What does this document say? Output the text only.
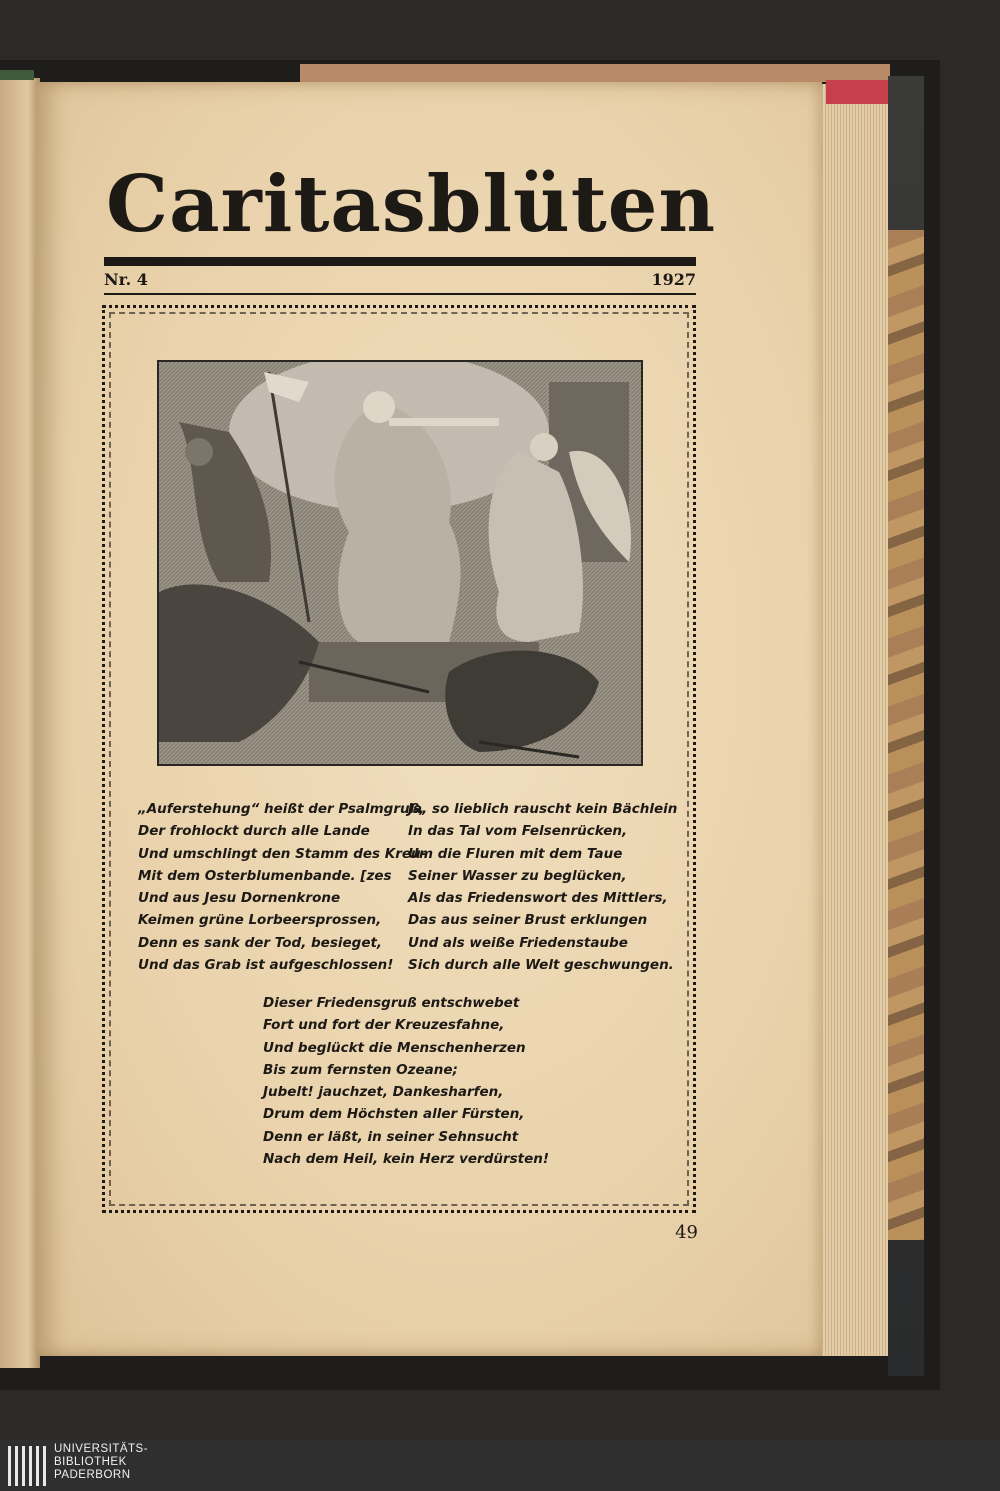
Caritasblüten
Nr. 4	1927
„Auferstehung“ heißt der Psalmgruß,
Der frohlockt durch alle Lande
Und umschlingt den Stamm des Kreu-
Mit dem Osterblumenbande. [zes
Und aus Jesu Dornenkrone
Keimen grüne Lorbeersprossen,
Denn es sank der Tod, besieget,
Und das Grab ist aufgeschlossen!
Ja, so lieblich rauscht kein Bächlein
In das Tal vom Felsenrücken,
Um die Fluren mit dem Taue
Seiner Wasser zu beglücken,
Als das Friedenswort des Mittlers,
Das aus seiner Brust erklungen
Und als weiße Friedenstaube
Sich durch alle Welt geschwungen.
Dieser Friedensgruß entschwebet
Fort und fort der Kreuzesfahne,
Und beglückt die Menschenherzen
Bis zum fernsten Ozeane;
Jubelt! jauchzet, Dankesharfen,
Drum dem Höchsten aller Fürsten,
Denn er läßt, in seiner Sehnsucht
Nach dem Heil, kein Herz verdürsten!
49
UNIVERSITÄTS-
BIBLIOTHEK
PADERBORN
